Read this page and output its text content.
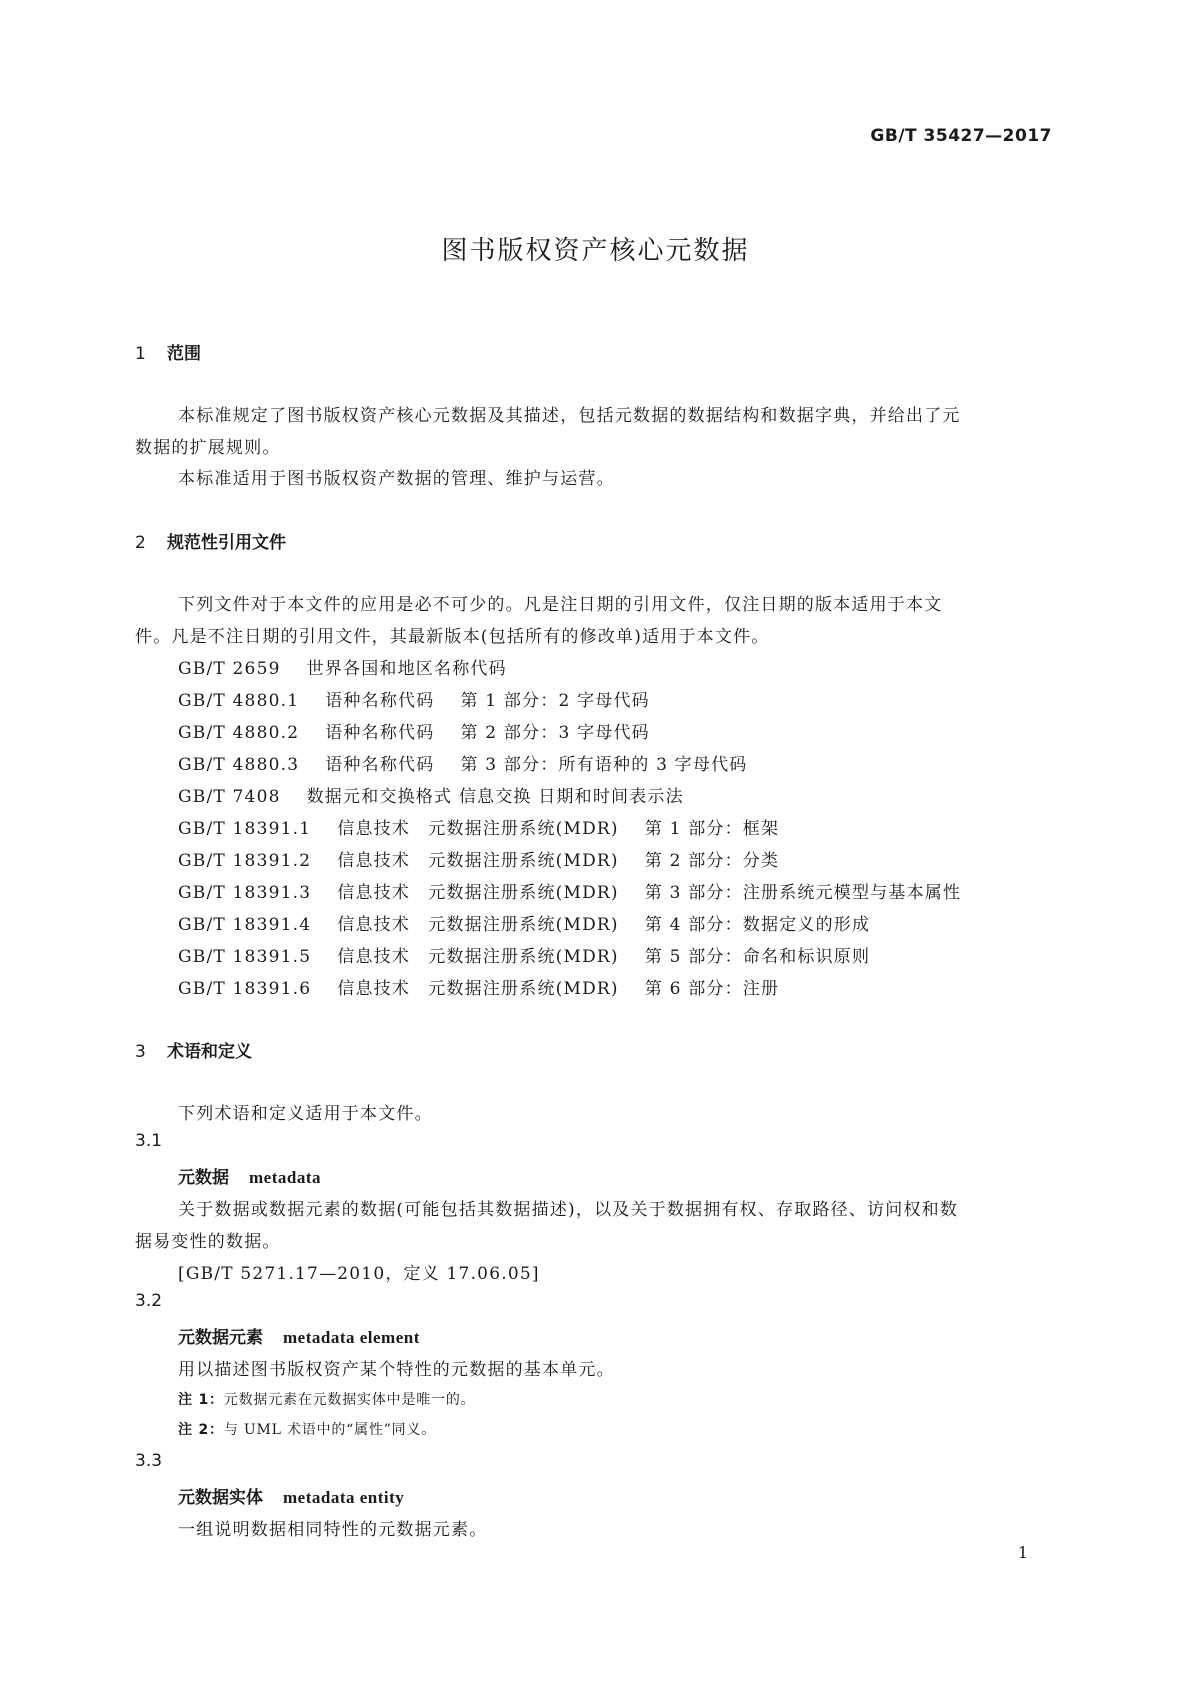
GB/T 35427—2017
图书版权资产核心元数据
1 范围
本标准规定了图书版权资产核心元数据及其描述，包括元数据的数据结构和数据字典，并给出了元
数据的扩展规则。
本标准适用于图书版权资产数据的管理、维护与运营。
2 规范性引用文件
下列文件对于本文件的应用是必不可少的。凡是注日期的引用文件，仅注日期的版本适用于本文
件。凡是不注日期的引用文件，其最新版本(包括所有的修改单)适用于本文件。
GB/T 2659 世界各国和地区名称代码
GB/T 4880.1 语种名称代码 第 1 部分：2 字母代码
GB/T 4880.2 语种名称代码 第 2 部分：3 字母代码
GB/T 4880.3 语种名称代码 第 3 部分：所有语种的 3 字母代码
GB/T 7408 数据元和交换格式 信息交换 日期和时间表示法
GB/T 18391.1 信息技术　元数据注册系统(MDR) 第 1 部分：框架
GB/T 18391.2 信息技术　元数据注册系统(MDR) 第 2 部分：分类
GB/T 18391.3 信息技术　元数据注册系统(MDR) 第 3 部分：注册系统元模型与基本属性
GB/T 18391.4 信息技术　元数据注册系统(MDR) 第 4 部分：数据定义的形成
GB/T 18391.5 信息技术　元数据注册系统(MDR) 第 5 部分：命名和标识原则
GB/T 18391.6 信息技术　元数据注册系统(MDR) 第 6 部分：注册
3 术语和定义
下列术语和定义适用于本文件。
3.1
元数据 metadata
关于数据或数据元素的数据(可能包括其数据描述)，以及关于数据拥有权、存取路径、访问权和数
据易变性的数据。
[GB/T 5271.17—2010，定义 17.06.05]
3.2
元数据元素 metadata element
用以描述图书版权资产某个特性的元数据的基本单元。
注 1：元数据元素在元数据实体中是唯一的。
注 2：与 UML 术语中的“属性”同义。
3.3
元数据实体 metadata entity
一组说明数据相同特性的元数据元素。
1
